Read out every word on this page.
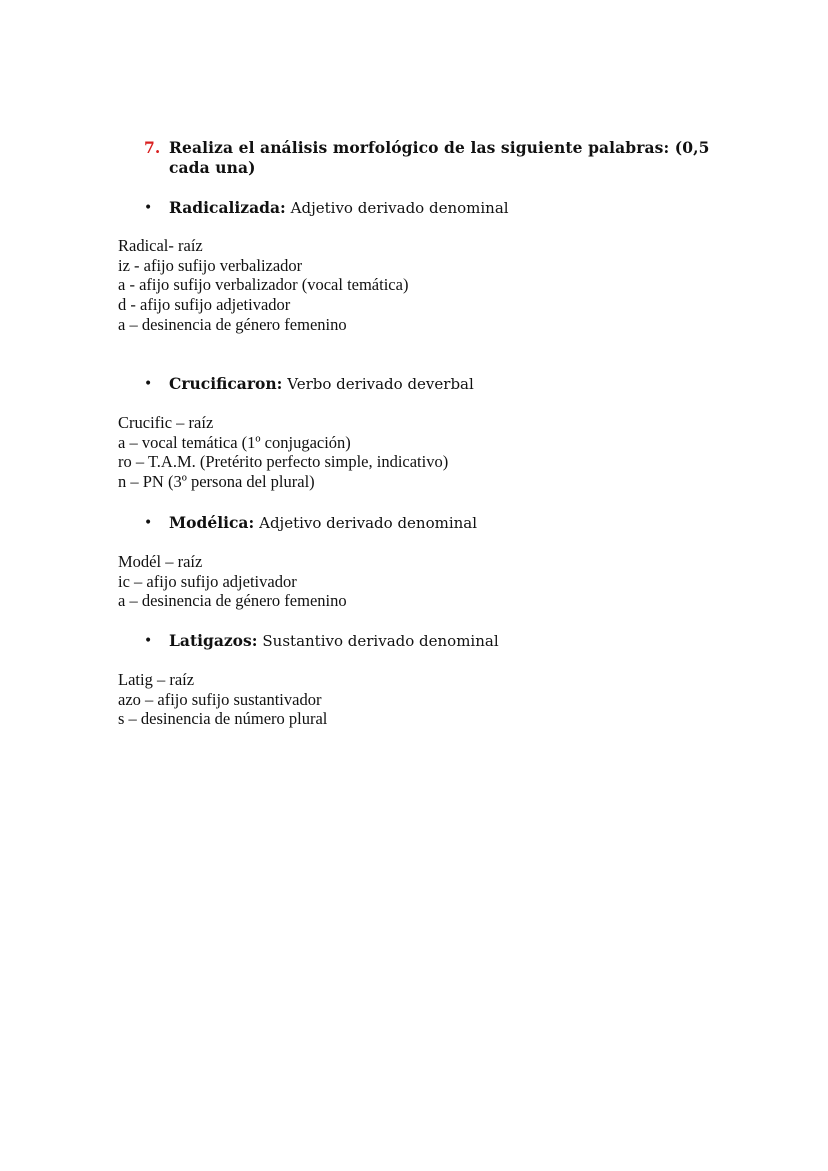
7. Realiza el análisis morfológico de las siguiente palabras: (0,5 cada una)
•	Radicalizada:
Adjetivo derivado denominal
Radical- raíz
iz - afijo sufijo verbalizador
a - afijo sufijo verbalizador (vocal temática)
d - afijo sufijo adjetivador
a – desinencia de género femenino
•	Crucificaron:
Verbo derivado deverbal
Crucific – raíz
a – vocal temática (1º conjugación)
ro – T.A.M. (Pretérito perfecto simple, indicativo)
n – PN (3º persona del plural)
•	Modélica:
Adjetivo derivado denominal
Modél – raíz
ic – afijo sufijo adjetivador
a – desinencia de género femenino
•	Latigazos:
Sustantivo derivado denominal
Latig – raíz
azo – afijo sufijo sustantivador
s – desinencia de número plural
